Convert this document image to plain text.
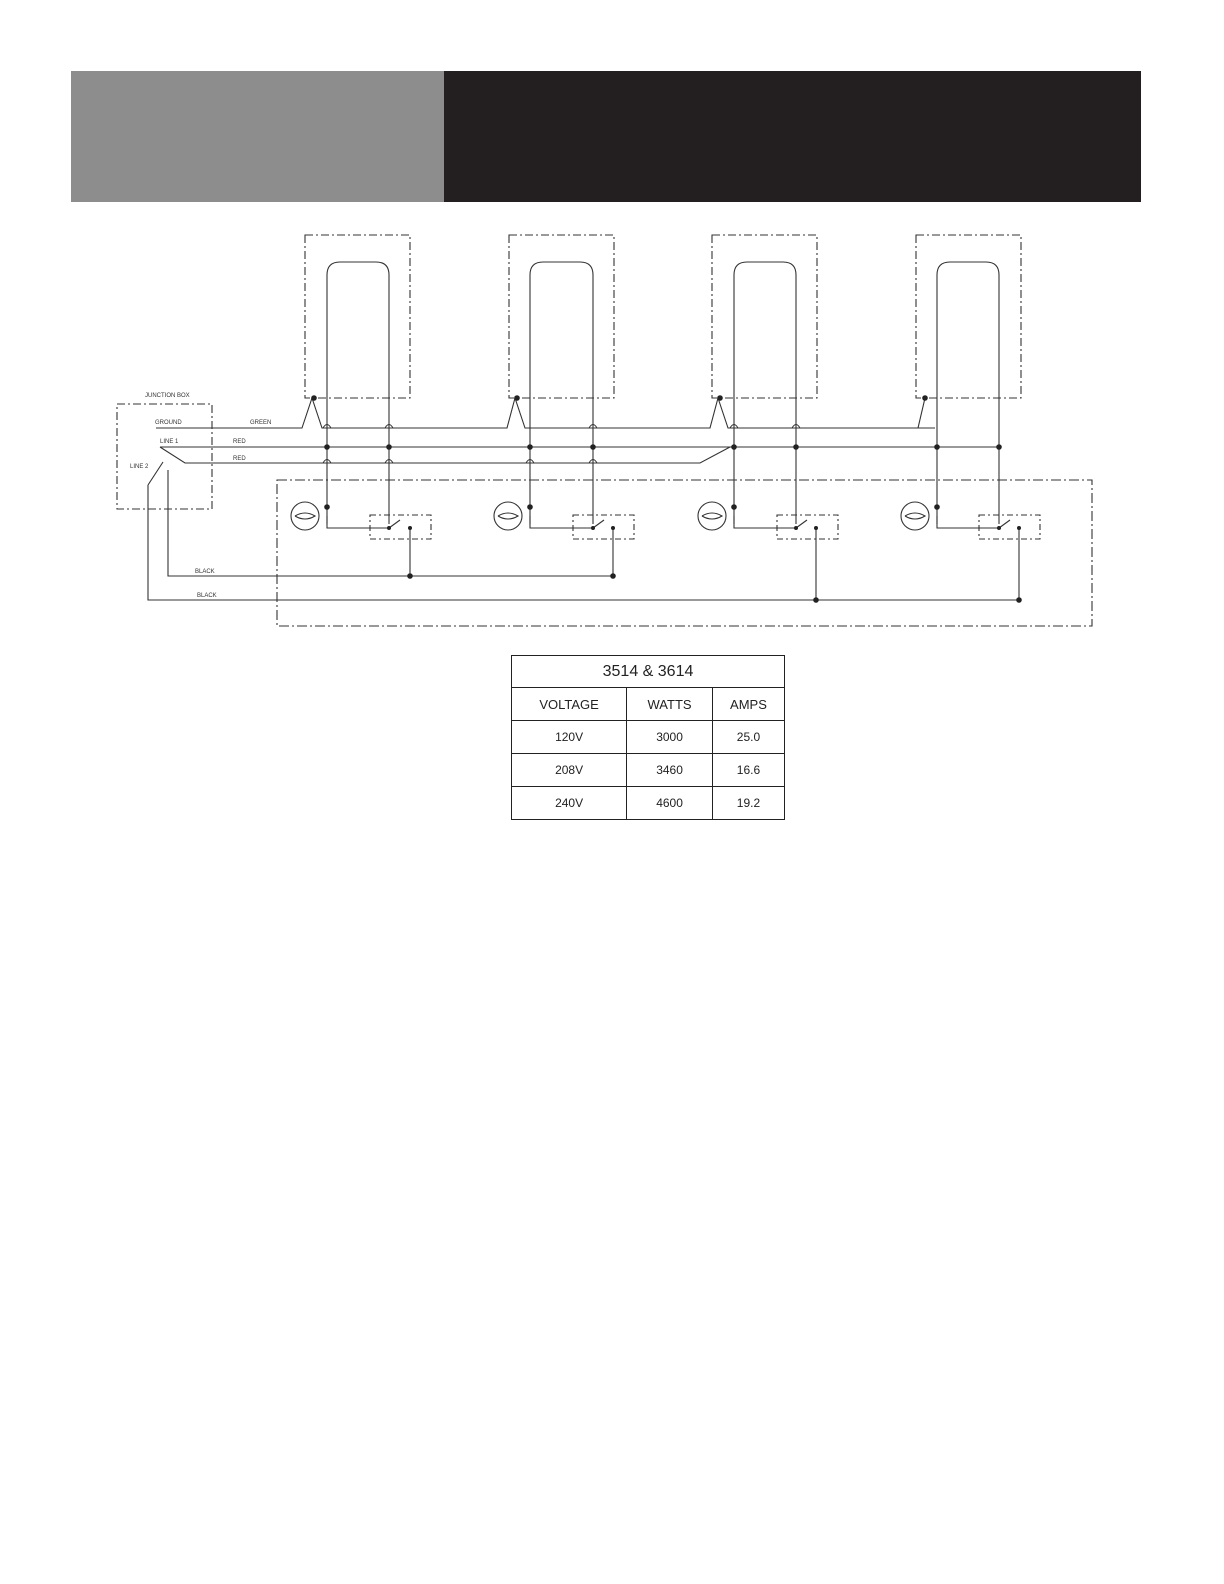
JUNCTION BOX
GROUND
LINE 1
LINE 2
GREEN
RED
RED
BLACK
BLACK
3514 & 3614		
VOLTAGE	WATTS	AMPS
120V	3000	25.0
208V	3460	16.6
240V	4600	19.2
